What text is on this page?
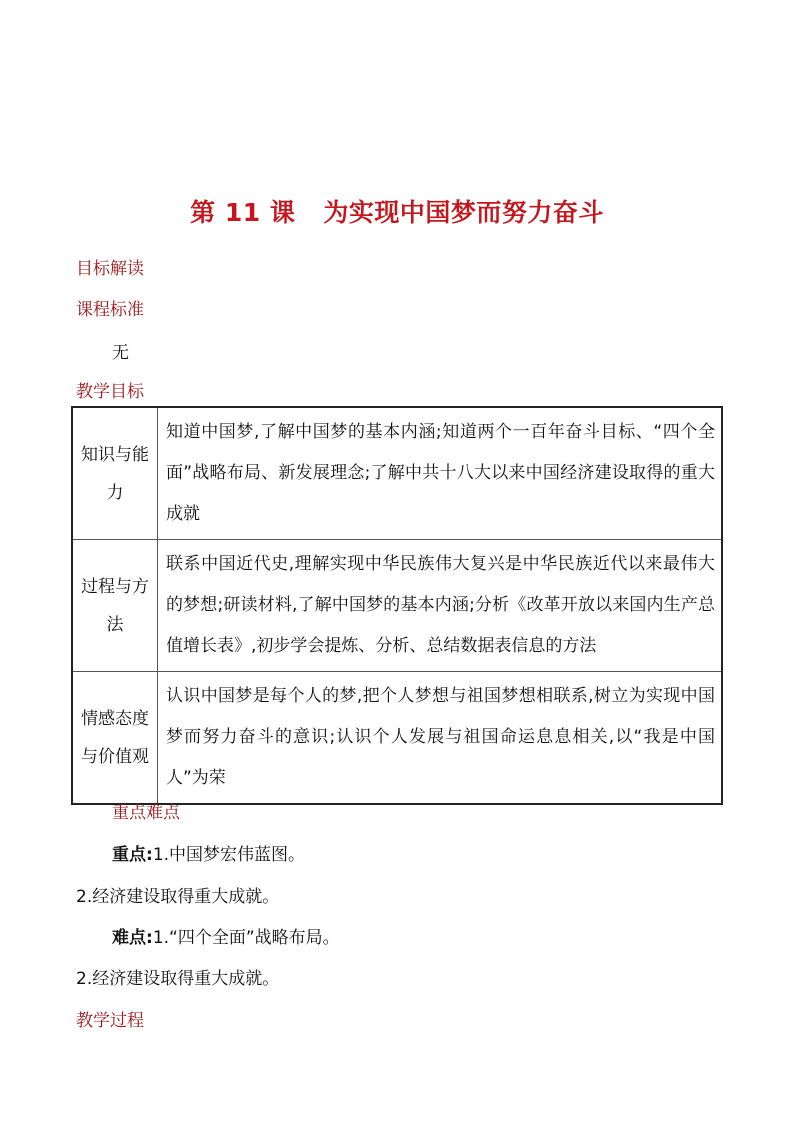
第 11 课 为实现中国梦而努力奋斗
目标解读
课程标准
无
教学目标
知识与能
力	知道中国梦,了解中国梦的基本内涵;知道两个一百年奋斗目标、“四个全面”战略布局、新发展理念;了解中共十八大以来中国经济建设取得的重大成就

过程与方
法	联系中国近代史,理解实现中华民族伟大复兴是中华民族近代以来最伟大的梦想;研读材料,了解中国梦的基本内涵;分析《改革开放以来国内生产总值增长表》,初步学会提炼、分析、总结数据表信息的方法

情感态度
与价值观	认识中国梦是每个人的梦,把个人梦想与祖国梦想相联系,树立为实现中国梦而努力奋斗的意识;认识个人发展与祖国命运息息相关,以“我是中国人”为荣
重点难点
重点:1.中国梦宏伟蓝图。
2.经济建设取得重大成就。
难点:1.“四个全面”战略布局。
2.经济建设取得重大成就。
教学过程
